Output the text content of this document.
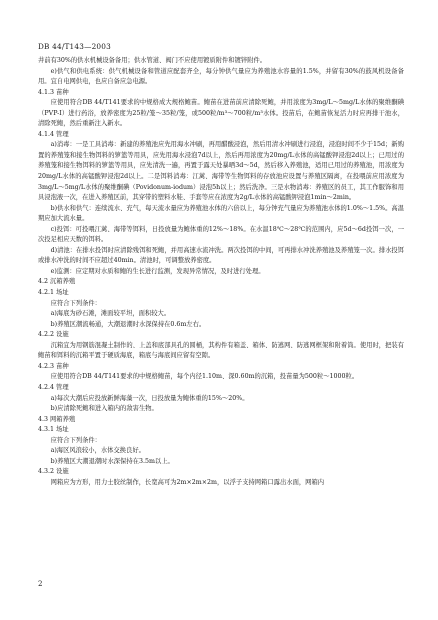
DB 44/T143—2003

井前有30%的供水机械设备备用；供水管道、阀门不应使用镀质附件和镀锌附件。

e)供气和供电系统：供气机械设备和管道应配套齐全，每分钟供气量应为养殖池水容量的1.5%，并留有30%的鼓风机设备备用。宜自电网供电，也应自备应急电源。

4.1.3 苗种

应使用符合DB 44/T141要求的中规格成大规格鲍苗。鲍苗在进苗前应清除死鲍，并用浓度为3mg/L～5mg/L水体的聚维酮碘（PVP-I）进行药浴，放养密度为25粒/笼～35粒/笼，或500粒/m³～700粒/m³水体。投苗后，在鲍苗恢复活力时应再排干池水，清除死鲍，然后重新注入新水。

4.1.4 管理

a)消毒：一是工具消毒：新建的养殖池应先用海水冲刷，再用醋酸浸泡，然后用清水冲刷进行浸泡，浸泡时间不少于15d；新购置的养殖笼和接生物饵料的箩篮等用具，应先用海水浸泡7d以上，然后再用浓度为20mg/L水体的高锰酸钾浸泡2d以上；已用过的养殖笼和接生物饵料的箩篮等用具，应先清洗一遍，再置于露天处暴晒3d～5d，然后移入养殖池，适用已用过的养殖池，用浓度为20mg/L水体的高锰酸钾浸泡2d以上。二是饵料消毒：江蓠、海带等生物饵料的存放池应设置与养殖区隔离，在投喂前应用浓度为3mg/L～5mg/L水体的聚维酮碘（Povidonum-iodum）浸泡5h以上；然后洗净。三是水物消毒：养殖区的员工，其工作服饰和用具浸泡液一次，在进入养殖区前，其穿带的塑料水鞋、手套等应在浓度为2g/L水体的高锰酸钾浸泡1min～2min。

b)供水和供气：连续流水、充气，每天流水量应为养殖池水体的六倍以上，每分钟充气量应为养殖池水体的1.0%～1.5%。高温期应加大流水量。

c)投饵：可投喂江蓠、海带等饵料，日投放量为鲍体重的12%～18%。在水温18℃～28℃的范围内，应5d～6d投饵一次，一次投足相应天数的饵料。

d)清池：在排水投饵时应清除残饵和死鲍，并用高速水流冲洗。两次投饵的中间，可再排水冲洗养殖池及养殖笼一次。排水投饵或排水冲洗的时间不应超过40min。清池时，可调整放养密度。

e)监测：应定期对水质和鲍的生长进行监测，发现异常情况，及时进行处理。

4.2 沉箱养殖

4.2.1 场址

应符合下列条件：

a)海底为砂石滩，滩面较平坦，面积较大。

b)养殖区潮流畅通，大潮退潮时水深保持在0.6m左右。

4.2.2 设施

沉箱宜为用钢筋混凝土制作的、上盖和底部具孔的圆桶，其构件有箱盖、箱体、防逃网、防逃网框架和附着筒。使用时，把装有鲍苗和饵料的沉箱平置于硬质海底，箱底与海底间应留有空隙。

4.2.3 苗种

应使用符合DB 44/T141要求的中规格鲍苗，每个内径1.10m、深0.60m的沉箱，投苗量为500粒～1000粒。

4.2.4 管理

a)每次大潮后应投放新鲜海藻一次，日投放量为鲍体重的15%～20%。

b)应清除死鲍和进入箱内的敌害生物。

4.3 网箱养殖

4.3.1 场址

应符合下列条件：

a)海区风浪较小，水体交换良好。

b)养殖区大潮退潮时水深保持在3.5m以上。

4.3.2 设施

网箱应为方形，用力士胶丝制作，长宽高可为2m×2m×2m，以浮子支持网箱口露出水面，网箱内

2
